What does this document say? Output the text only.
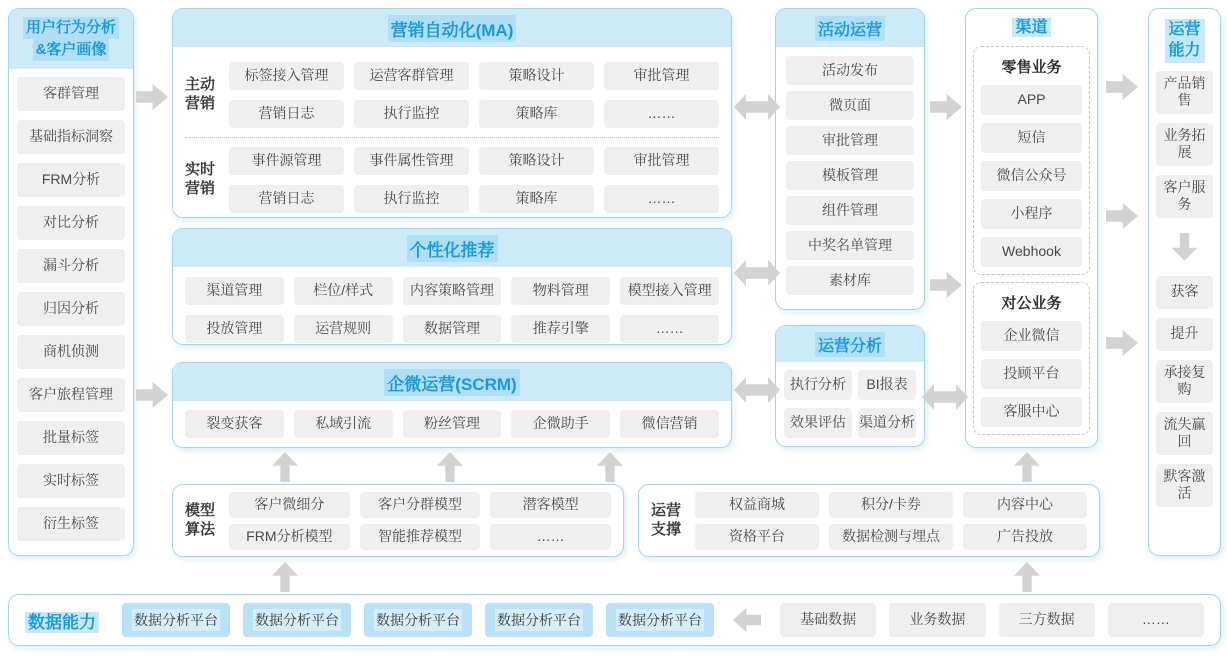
用户行为分析
&客户画像
客群管理
基础指标洞察
FRM分析
对比分析
漏斗分析
归因分析
商机侦测
客户旅程管理
批量标签
实时标签
衍生标签
营销自动化(MA)
主动营销
标签接入管理	运营客群管理	策略设计	审批管理
营销日志	执行监控	策略库	……
实时营销
事件源管理	事件属性管理	策略设计	审批管理
营销日志	执行监控	策略库	……
个性化推荐
渠道管理	栏位/样式	内容策略管理	物料管理	模型接入管理
投放管理	运营规则	数据管理	推荐引擎	……
企微运营(SCRM)
裂变获客	私域引流	粉丝管理	企微助手	微信营销
模型算法
客户微细分	客户分群模型	潜客模型
FRM分析模型	智能推荐模型	……
运营支撑
权益商城	积分/卡券	内容中心
资格平台	数据检测与埋点	广告投放
活动运营
活动发布
微页面
审批管理
模板管理
组件管理
中奖名单管理
素材库
运营分析
执行分析	BI报表
效果评估 渠道分析
渠道
零售业务
APP
短信
微信公众号
小程序
Webhook
对公业务
企业微信
投顾平台
客服中心
运营能力
产品销售
业务拓展
客户服务
获客
提升
承接复购
流失赢回
默客激活
数据能力	数据分析平台	数据分析平台	数据分析平台	数据分析平台	数据分析平台	基础数据	业务数据	三方数据	……
